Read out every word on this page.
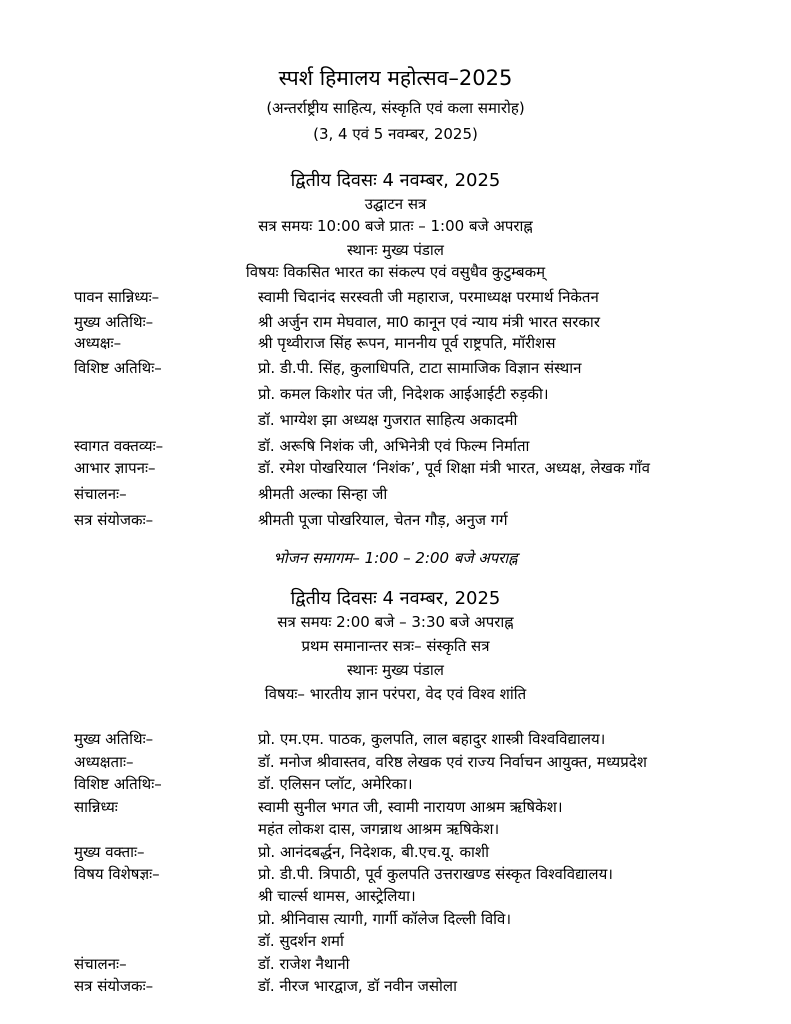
स्पर्श हिमालय महोत्सव–2025
(अन्तर्राष्ट्रीय साहित्य, संस्कृति एवं कला समारोह)
(3, 4 एवं 5 नवम्बर, 2025)
द्वितीय दिवसः 4 नवम्बर, 2025
उद्घाटन सत्र
सत्र समयः 10:00 बजे प्रातः – 1:00 बजे अपराह्न
स्थानः मुख्य पंडाल
विषयः विकसित भारत का संकल्प एवं वसुधैव कुटुम्बकम्
पावन सान्निध्यः–	स्वामी चिदानंद सरस्वती जी महाराज, परमाध्यक्ष परमार्थ निकेतन
मुख्य अतिथिः–	श्री अर्जुन राम मेघवाल, मा0 कानून एवं न्याय मंत्री भारत सरकार
अध्यक्षः–	श्री पृथ्वीराज सिंह रूपन, माननीय पूर्व राष्ट्रपति, मॉरीशस
विशिष्ट अतिथिः–	प्रो. डी.पी. सिंह, कुलाधिपति, टाटा सामाजिक विज्ञान संस्थान
प्रो. कमल किशोर पंत जी, निदेशक आईआईटी रुड़की।
डॉ. भाग्येश झा अध्यक्ष गुजरात साहित्य अकादमी
स्वागत वक्तव्यः–	डॉ. अरूषि निशंक जी, अभिनेत्री एवं फिल्म निर्माता
आभार ज्ञापनः–	डॉ. रमेश पोखरियाल ‘निशंक’, पूर्व शिक्षा मंत्री भारत, अध्यक्ष, लेखक गाँव
संचालनः–	श्रीमती अल्का सिन्हा जी
सत्र संयोजकः–	श्रीमती पूजा पोखरियाल, चेतन गौड़, अनुज गर्ग
भोजन समागम– 1:00 – 2:00 बजे अपराह्न
द्वितीय दिवसः 4 नवम्बर, 2025
सत्र समयः 2:00 बजे – 3:30 बजे अपराह्न
प्रथम समानान्तर सत्रः– संस्कृति सत्र
स्थानः मुख्य पंडाल
विषयः– भारतीय ज्ञान परंपरा, वेद एवं विश्व शांति
मुख्य अतिथिः–	प्रो. एम.एम. पाठक, कुलपति, लाल बहादुर शास्त्री विश्वविद्यालय।
अध्यक्षताः–	डॉ. मनोज श्रीवास्तव, वरिष्ठ लेखक एवं राज्य निर्वाचन आयुक्त, मध्यप्रदेश
विशिष्ट अतिथिः–	डॉ. एलिसन प्लॉट, अमेरिका।
सान्निध्यः	स्वामी सुनील भगत जी, स्वामी नारायण आश्रम ऋषिकेश।
महंत लोकश दास, जगन्नाथ आश्रम ऋषिकेश।
मुख्य वक्ताः–	प्रो. आनंदबर्द्धन, निदेशक, बी.एच.यू. काशी
विषय विशेषज्ञः–	प्रो. डी.पी. त्रिपाठी, पूर्व कुलपति उत्तराखण्ड संस्कृत विश्वविद्यालय।
श्री चार्ल्स थामस, आस्ट्रेलिया।
प्रो. श्रीनिवास त्यागी, गार्गी कॉलेज दिल्ली विवि।
डॉ. सुदर्शन शर्मा
संचालनः–	डॉ. राजेश नैथानी
सत्र संयोजकः–	डॉ. नीरज भारद्वाज, डॉ नवीन जसोला
